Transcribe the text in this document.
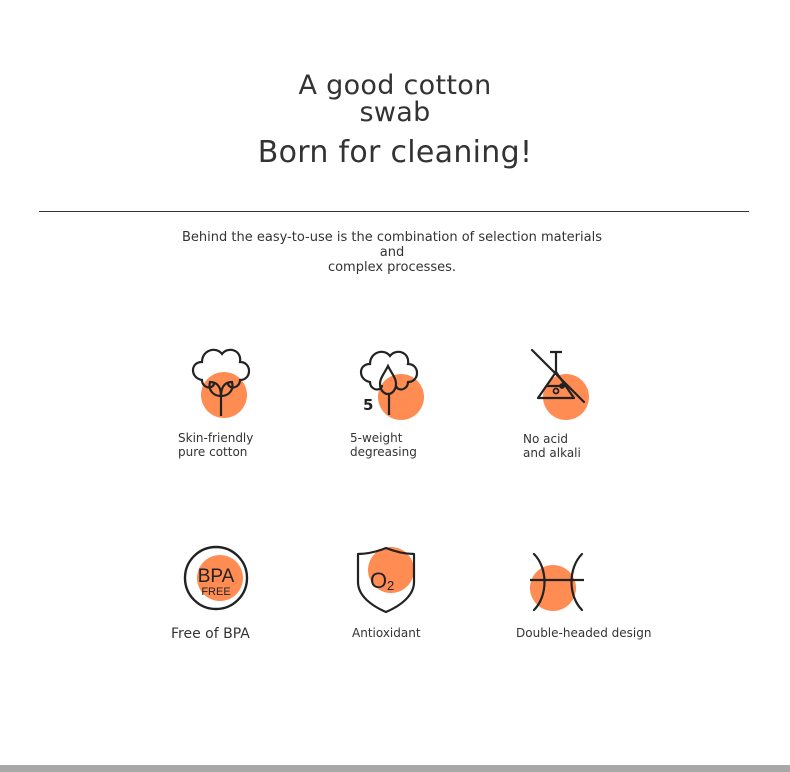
A good cotton
swab
Born for cleaning!
Behind the easy-to-use is the combination of selection materials and
complex processes.
Skin-friendly
pure cotton
5
5-weight
degreasing
No acid
and alkali
BPA
FREE
Free of BPA
O 2
Antioxidant	Double-headed design
